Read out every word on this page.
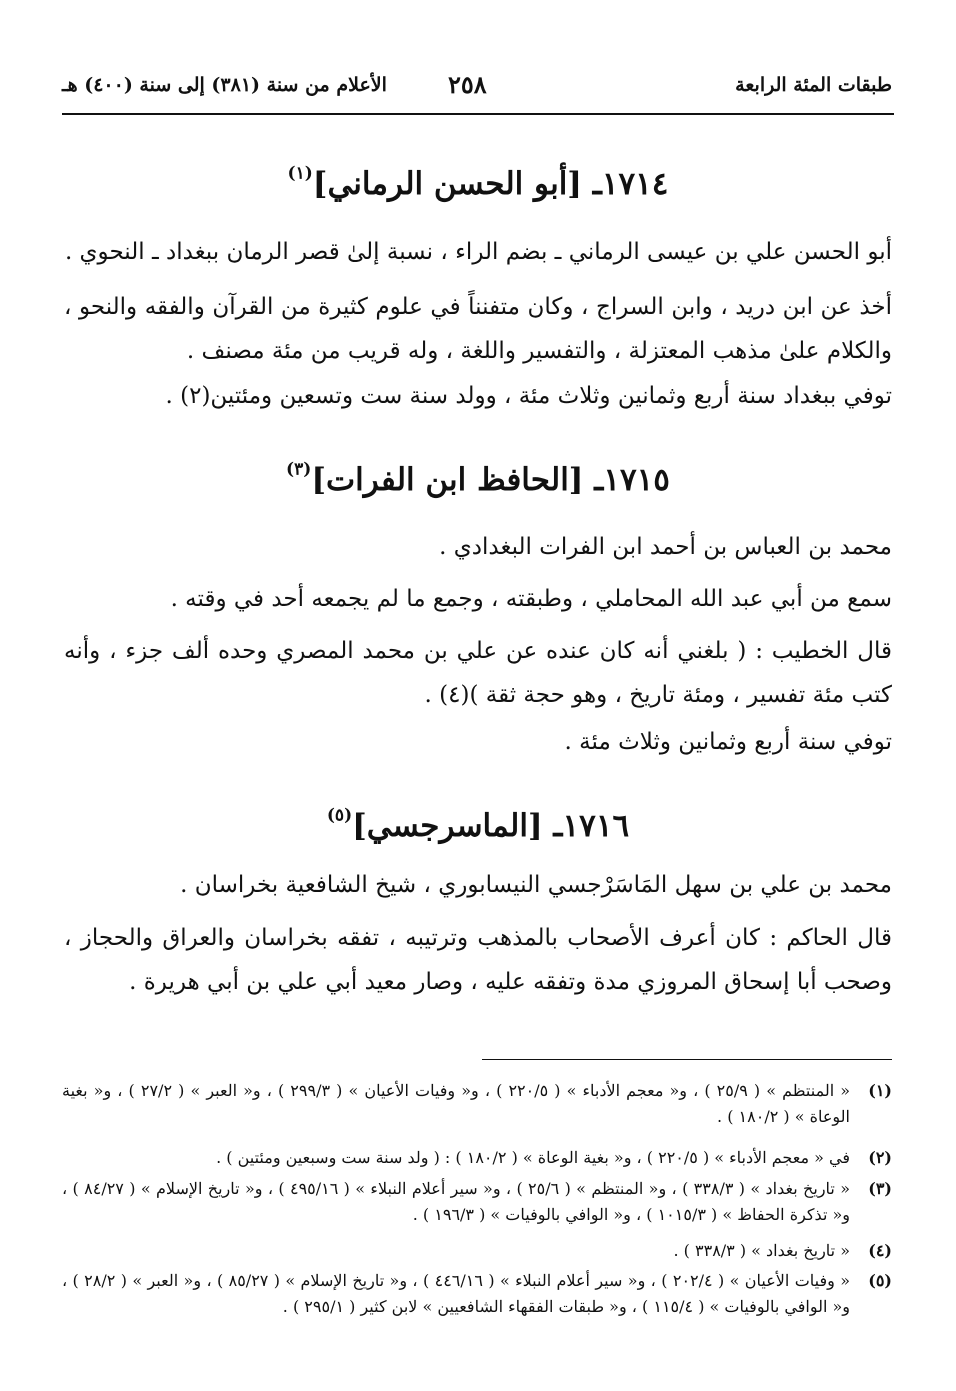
طبقات المئة الرابعة
٢٥٨
الأعلام من سنة (٣٨١) إلى سنة (٤٠٠) هـ
١٧١٤ـ [أبو الحسن الرماني]$^{(١)}$
أبو الحسن علي بن عيسى الرماني ـ بضم الراء ، نسبة إلىٰ قصر الرمان ببغداد ـ النحوي .
أخذ عن ابن دريد ، وابن السراج ، وكان متفنناً في علوم كثيرة من القرآن والفقه والنحو ، والكلام علىٰ مذهب المعتزلة ، والتفسير واللغة ، وله قريب من مئة مصنف .
توفي ببغداد سنة أربع وثمانين وثلاث مئة ، وولد سنة ست وتسعين ومئتين(٢) .
١٧١٥ـ [الحافظ ابن الفرات]$^{(٣)}$
محمد بن العباس بن أحمد ابن الفرات البغدادي .
سمع من أبي عبد الله المحاملي ، وطبقته ، وجمع ما لم يجمعه أحد في وقته .
قال الخطيب : ( بلغني أنه كان عنده عن علي بن محمد المصري وحده ألف جزء ، وأنه كتب مئة تفسير ، ومئة تاريخ ، وهو حجة ثقة )(٤) .
توفي سنة أربع وثمانين وثلاث مئة .
١٧١٦ـ [الماسرجسي]$^{(٥)}$
محمد بن علي بن سهل المَاسَرْجسي النيسابوري ، شيخ الشافعية بخراسان .
قال الحاكم : كان أعرف الأصحاب بالمذهب وترتيبه ، تفقه بخراسان والعراق والحجاز ، وصحب أبا إسحاق المروزي مدة وتفقه عليه ، وصار معيد أبي علي بن أبي هريرة .
(١)
« المنتظم » ( ٢٥/٩ ) ، و« معجم الأدباء » ( ٢٢٠/٥ ) ، و« وفيات الأعيان » ( ٢٩٩/٣ ) ، و« العبر » ( ٢٧/٢ ) ، و« بغية الوعاة » ( ١٨٠/٢ ) .
(٢)
في « معجم الأدباء » ( ٢٢٠/٥ ) ، و« بغية الوعاة » ( ١٨٠/٢ ) : ( ولد سنة ست وسبعين ومئتين ) .
(٣)
« تاريخ بغداد » ( ٣٣٨/٣ ) ، و« المنتظم » ( ٢٥/٦ ) ، و« سير أعلام النبلاء » ( ٤٩٥/١٦ ) ، و« تاريخ الإسلام » ( ٨٤/٢٧ ) ، و« تذكرة الحفاظ » ( ١٠١٥/٣ ) ، و« الوافي بالوفيات » ( ١٩٦/٣ ) .
(٤)
« تاريخ بغداد » ( ٣٣٨/٣ ) .
(٥)
« وفيات الأعيان » ( ٢٠٢/٤ ) ، و« سير أعلام النبلاء » ( ٤٤٦/١٦ ) ، و« تاريخ الإسلام » ( ٨٥/٢٧ ) ، و« العبر » ( ٢٨/٢ ) ، و« الوافي بالوفيات » ( ١١٥/٤ ) ، و« طبقات الفقهاء الشافعيين » لابن كثير ( ٢٩٥/١ ) .
